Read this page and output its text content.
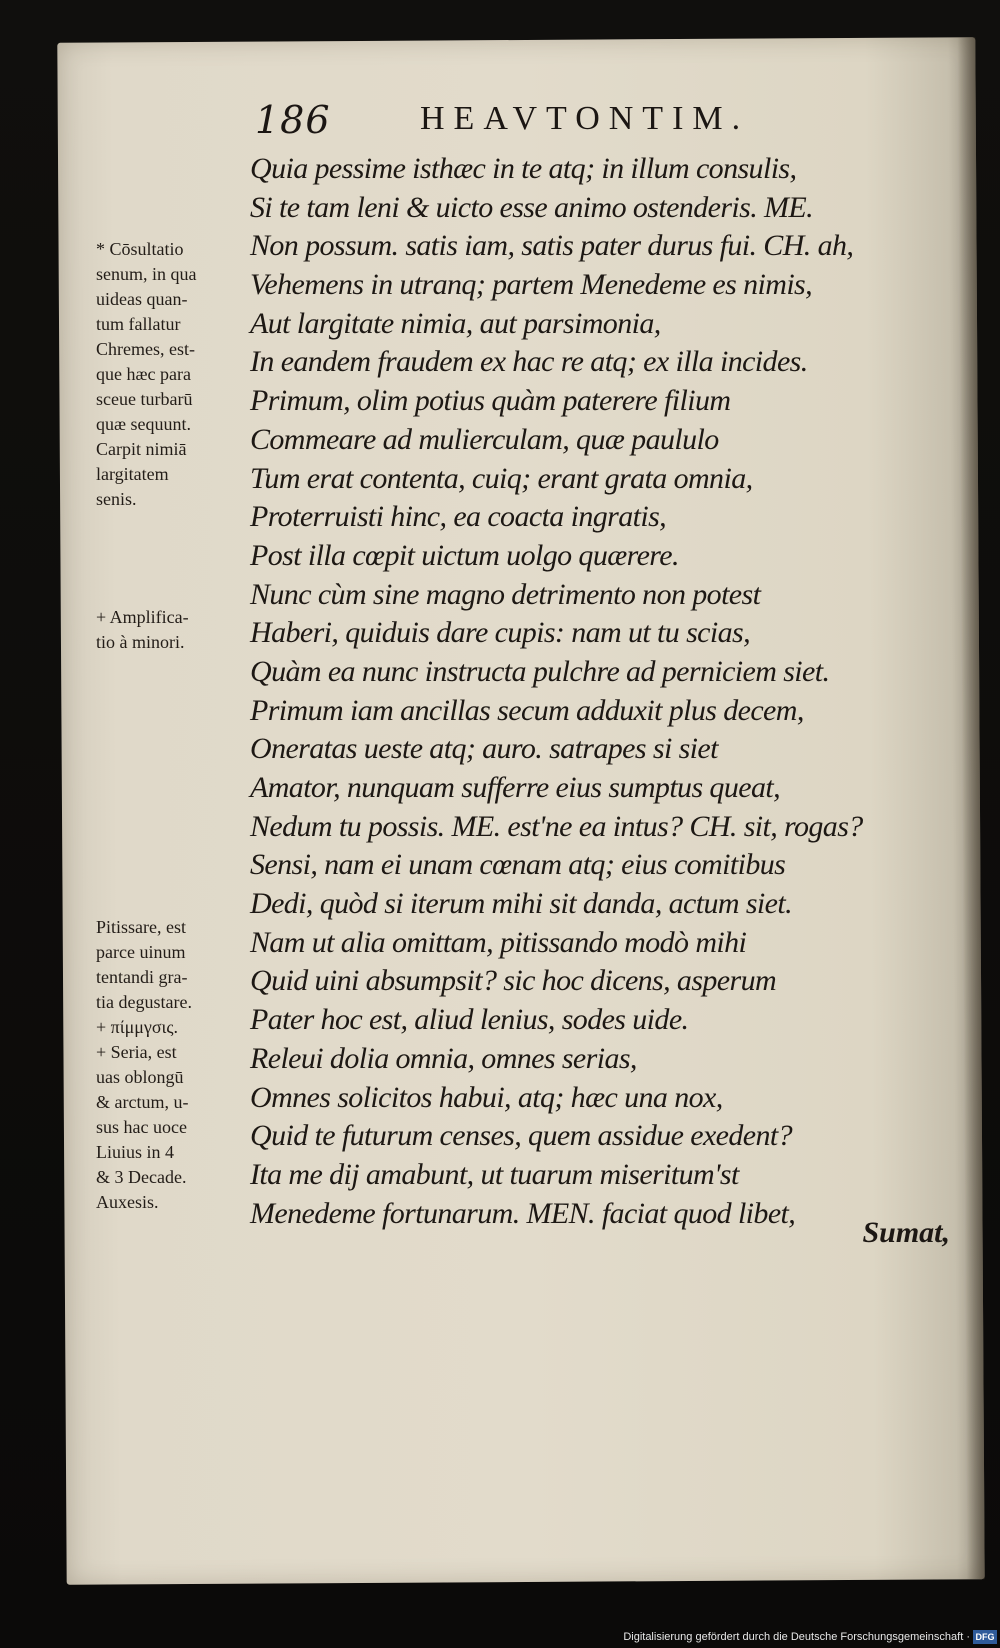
186	HEAVTONTIM.
Quia pessime isthæc in te atq; in illum consulis,
Si te tam leni & uicto esse animo ostenderis. ME.
Non possum. satis iam, satis pater durus fui. CH. ah,
Vehemens in utranq; partem Menedeme es nimis,
Aut largitate nimia, aut parsimonia,
In eandem fraudem ex hac re atq; ex illa incides.
Primum, olim potius quàm paterere filium
Commeare ad mulierculam, quæ paululo
Tum erat contenta, cuiq; erant grata omnia,
Proterruisti hinc, ea coacta ingratis,
Post illa cœpit uictum uolgo quærere.
Nunc cùm sine magno detrimento non potest
Haberi, quiduis dare cupis: nam ut tu scias,
Quàm ea nunc instructa pulchre ad perniciem siet.
Primum iam ancillas secum adduxit plus decem,
Oneratas ueste atq; auro. satrapes si siet
Amator, nunquam sufferre eius sumptus queat,
Nedum tu possis. ME. est'ne ea intus? CH. sit, rogas?
Sensi, nam ei unam cœnam atq; eius comitibus
Dedi, quòd si iterum mihi sit danda, actum siet.
Nam ut alia omittam, pitissando modò mihi
Quid uini absumpsit? sic hoc dicens, asperum
Pater hoc est, aliud lenius, sodes uide.
Releui dolia omnia, omnes serias,
Omnes solicitos habui, atq; hæc una nox,
Quid te futurum censes, quem assidue exedent?
Ita me dij amabunt, ut tuarum miseritum'st
Menedeme fortunarum. MEN. faciat quod libet,
Sumat,
* Cōsultatio
senum, in qua
uideas quan-
tum fallatur
Chremes, est-
que hæc para
sceue turbarū
quæ sequunt.
Carpit nimiā
largitatem
senis.
+ Amplifica-
tio à minori.
Pitissare, est
parce uinum
tentandi gra-
tia degustare.
+ πίμμγσις.
+ Seria, est
uas oblongū
& arctum, u-
sus hac uoce
Liuius in 4
& 3 Decade.
Auxesis.
Digitalisierung gefördert durch die Deutsche Forschungsgemeinschaft · DFG
